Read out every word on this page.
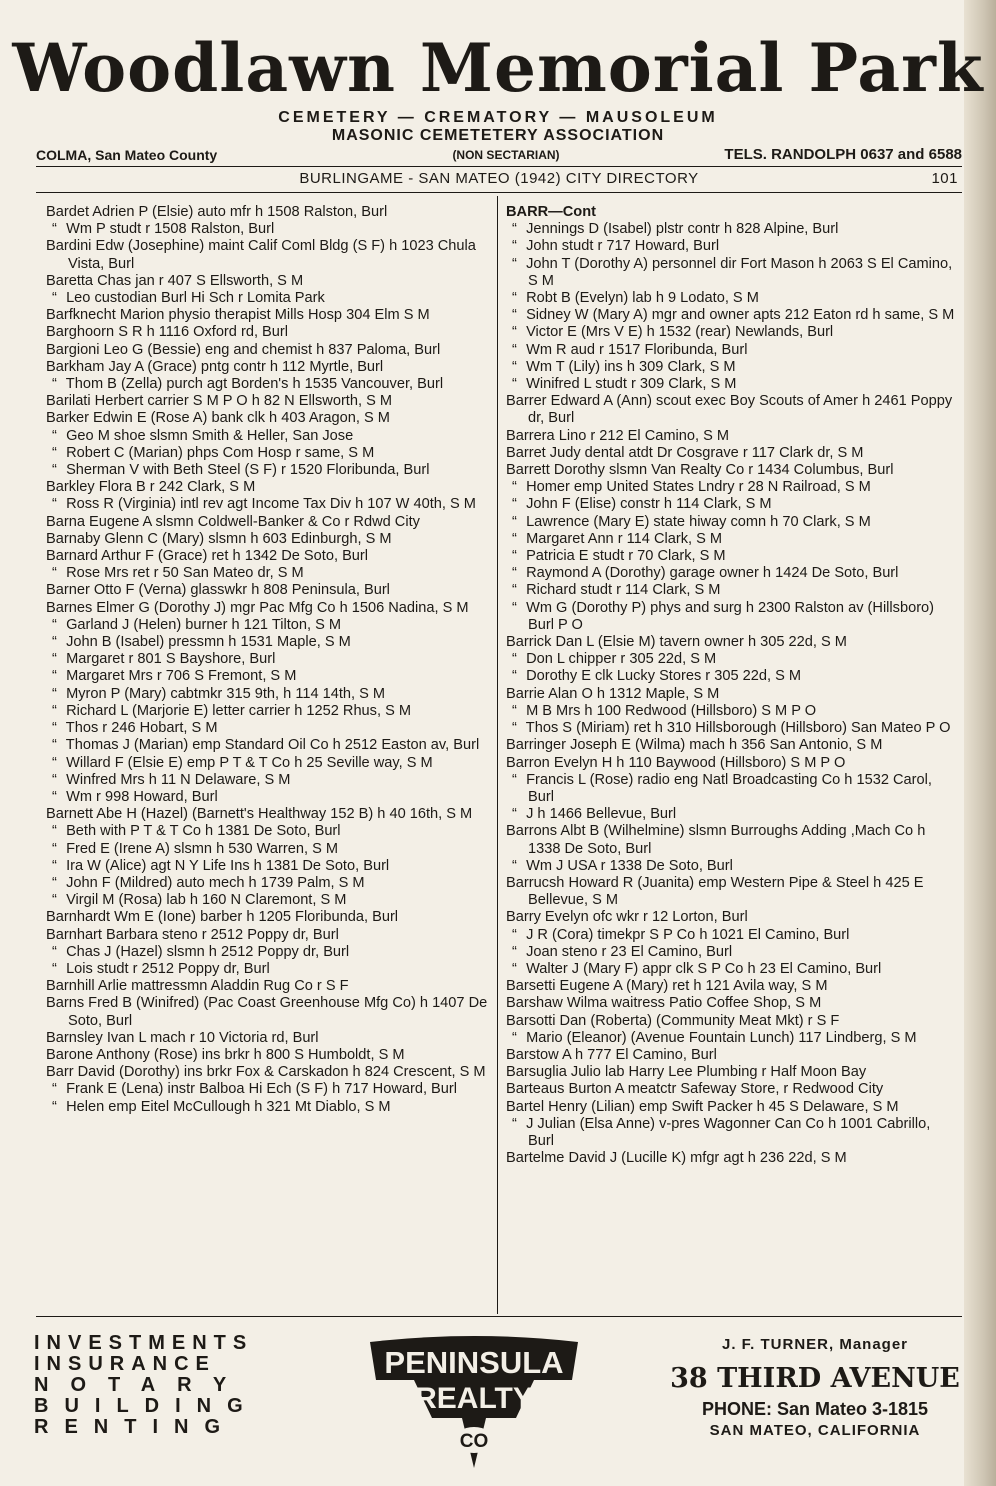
Woodlawn Memorial Park
CEMETERY — CREMATORY — MAUSOLEUM
MASONIC CEMETETERY ASSOCIATION
COLMA, San Mateo County	(NON SECTARIAN)	TELS. RANDOLPH 0637 and 6588
BURLINGAME - SAN MATEO (1942) CITY DIRECTORY	101

Bardet Adrien P (Elsie) auto mfr h 1508 Ralston, Burl

“ Wm P studt r 1508 Ralston, Burl

Bardini Edw (Josephine) maint Calif Coml Bldg (S F) h 1023 Chula Vista, Burl

Baretta Chas jan r 407 S Ellsworth, S M

“ Leo custodian Burl Hi Sch r Lomita Park

Barfknecht Marion physio therapist Mills Hosp 304 Elm S M

Barghoorn S R h 1116 Oxford rd, Burl

Bargioni Leo G (Bessie) eng and chemist h 837 Paloma, Burl

Barkham Jay A (Grace) pntg contr h 112 Myrtle, Burl

“ Thom B (Zella) purch agt Borden's h 1535 Vancouver, Burl

Barilati Herbert carrier S M P O h 82 N Ellsworth, S M

Barker Edwin E (Rose A) bank clk h 403 Aragon, S M

“ Geo M shoe slsmn Smith & Heller, San Jose

“ Robert C (Marian) phps Com Hosp r same, S M

“ Sherman V with Beth Steel (S F) r 1520 Floribunda, Burl

Barkley Flora B r 242 Clark, S M

“ Ross R (Virginia) intl rev agt Income Tax Div h 107 W 40th, S M

Barna Eugene A slsmn Coldwell-Banker & Co r Rdwd City

Barnaby Glenn C (Mary) slsmn h 603 Edinburgh, S M

Barnard Arthur F (Grace) ret h 1342 De Soto, Burl

“ Rose Mrs ret r 50 San Mateo dr, S M

Barner Otto F (Verna) glasswkr h 808 Peninsula, Burl

Barnes Elmer G (Dorothy J) mgr Pac Mfg Co h 1506 Nadina, S M

“ Garland J (Helen) burner h 121 Tilton, S M

“ John B (Isabel) pressmn h 1531 Maple, S M

“ Margaret r 801 S Bayshore, Burl

“ Margaret Mrs r 706 S Fremont, S M

“ Myron P (Mary) cabtmkr 315 9th, h 114 14th, S M

“ Richard L (Marjorie E) letter carrier h 1252 Rhus, S M

“ Thos r 246 Hobart, S M

“ Thomas J (Marian) emp Standard Oil Co h 2512 Easton av, Burl

“ Willard F (Elsie E) emp P T & T Co h 25 Seville way, S M

“ Winfred Mrs h 11 N Delaware, S M

“ Wm r 998 Howard, Burl

Barnett Abe H (Hazel) (Barnett's Healthway 152 B) h 40 16th, S M

“ Beth with P T & T Co h 1381 De Soto, Burl

“ Fred E (Irene A) slsmn h 530 Warren, S M

“ Ira W (Alice) agt N Y Life Ins h 1381 De Soto, Burl

“ John F (Mildred) auto mech h 1739 Palm, S M

“ Virgil M (Rosa) lab h 160 N Claremont, S M

Barnhardt Wm E (Ione) barber h 1205 Floribunda, Burl

Barnhart Barbara steno r 2512 Poppy dr, Burl

“ Chas J (Hazel) slsmn h 2512 Poppy dr, Burl

“ Lois studt r 2512 Poppy dr, Burl

Barnhill Arlie mattressmn Aladdin Rug Co r S F

Barns Fred B (Winifred) (Pac Coast Greenhouse Mfg Co) h 1407 De Soto, Burl

Barnsley Ivan L mach r 10 Victoria rd, Burl

Barone Anthony (Rose) ins brkr h 800 S Humboldt, S M

Barr David (Dorothy) ins brkr Fox & Carskadon h 824 Crescent, S M

“ Frank E (Lena) instr Balboa Hi Ech (S F) h 717 Howard, Burl

“ Helen emp Eitel McCullough h 321 Mt Diablo, S M

BARR—Cont

“ Jennings D (Isabel) plstr contr h 828 Alpine, Burl

“ John studt r 717 Howard, Burl

“ John T (Dorothy A) personnel dir Fort Mason h 2063 S El Camino, S M

“ Robt B (Evelyn) lab h 9 Lodato, S M

“ Sidney W (Mary A) mgr and owner apts 212 Eaton rd h same, S M

“ Victor E (Mrs V E) h 1532 (rear) Newlands, Burl

“ Wm R aud r 1517 Floribunda, Burl

“ Wm T (Lily) ins h 309 Clark, S M

“ Winifred L studt r 309 Clark, S M

Barrer Edward A (Ann) scout exec Boy Scouts of Amer h 2461 Poppy dr, Burl

Barrera Lino r 212 El Camino, S M

Barret Judy dental atdt Dr Cosgrave r 117 Clark dr, S M

Barrett Dorothy slsmn Van Realty Co r 1434 Columbus, Burl

“ Homer emp United States Lndry r 28 N Railroad, S M

“ John F (Elise) constr h 114 Clark, S M

“ Lawrence (Mary E) state hiway comn h 70 Clark, S M

“ Margaret Ann r 114 Clark, S M

“ Patricia E studt r 70 Clark, S M

“ Raymond A (Dorothy) garage owner h 1424 De Soto, Burl

“ Richard studt r 114 Clark, S M

“ Wm G (Dorothy P) phys and surg h 2300 Ralston av (Hillsboro) Burl P O

Barrick Dan L (Elsie M) tavern owner h 305 22d, S M

“ Don L chipper r 305 22d, S M

“ Dorothy E clk Lucky Stores r 305 22d, S M

Barrie Alan O h 1312 Maple, S M

“ M B Mrs h 100 Redwood (Hillsboro) S M P O

“ Thos S (Miriam) ret h 310 Hillsborough (Hillsboro) San Mateo P O

Barringer Joseph E (Wilma) mach h 356 San Antonio, S M

Barron Evelyn H h 110 Baywood (Hillsboro) S M P O

“ Francis L (Rose) radio eng Natl Broadcasting Co h 1532 Carol, Burl

“ J h 1466 Bellevue, Burl

Barrons Albt B (Wilhelmine) slsmn Burroughs Adding ,Mach Co h 1338 De Soto, Burl

“ Wm J USA r 1338 De Soto, Burl

Barrucsh Howard R (Juanita) emp Western Pipe & Steel h 425 E Bellevue, S M

Barry Evelyn ofc wkr r 12 Lorton, Burl

“ J R (Cora) timekpr S P Co h 1021 El Camino, Burl

“ Joan steno r 23 El Camino, Burl

“ Walter J (Mary F) appr clk S P Co h 23 El Camino, Burl

Barsetti Eugene A (Mary) ret h 121 Avila way, S M

Barshaw Wilma waitress Patio Coffee Shop, S M

Barsotti Dan (Roberta) (Community Meat Mkt) r S F

“ Mario (Eleanor) (Avenue Fountain Lunch) 117 Lindberg, S M

Barstow A h 777 El Camino, Burl

Barsuglia Julio lab Harry Lee Plumbing r Half Moon Bay

Barteaus Burton A meatctr Safeway Store, r Redwood City

Bartel Henry (Lilian) emp Swift Packer h 45 S Delaware, S M

“ J Julian (Elsa Anne) v-pres Wagonner Can Co h 1001 Cabrillo, Burl

Bartelme David J (Lucille K) mfgr agt h 236 22d, S M

INVESTMENTS
INSURANCE
NOTARY
BUILDING
RENTING
PENINSULA
REALTY
CO
J. F. TURNER, Manager
38 THIRD AVENUE
PHONE: San Mateo 3-1815
SAN MATEO, CALIFORNIA
